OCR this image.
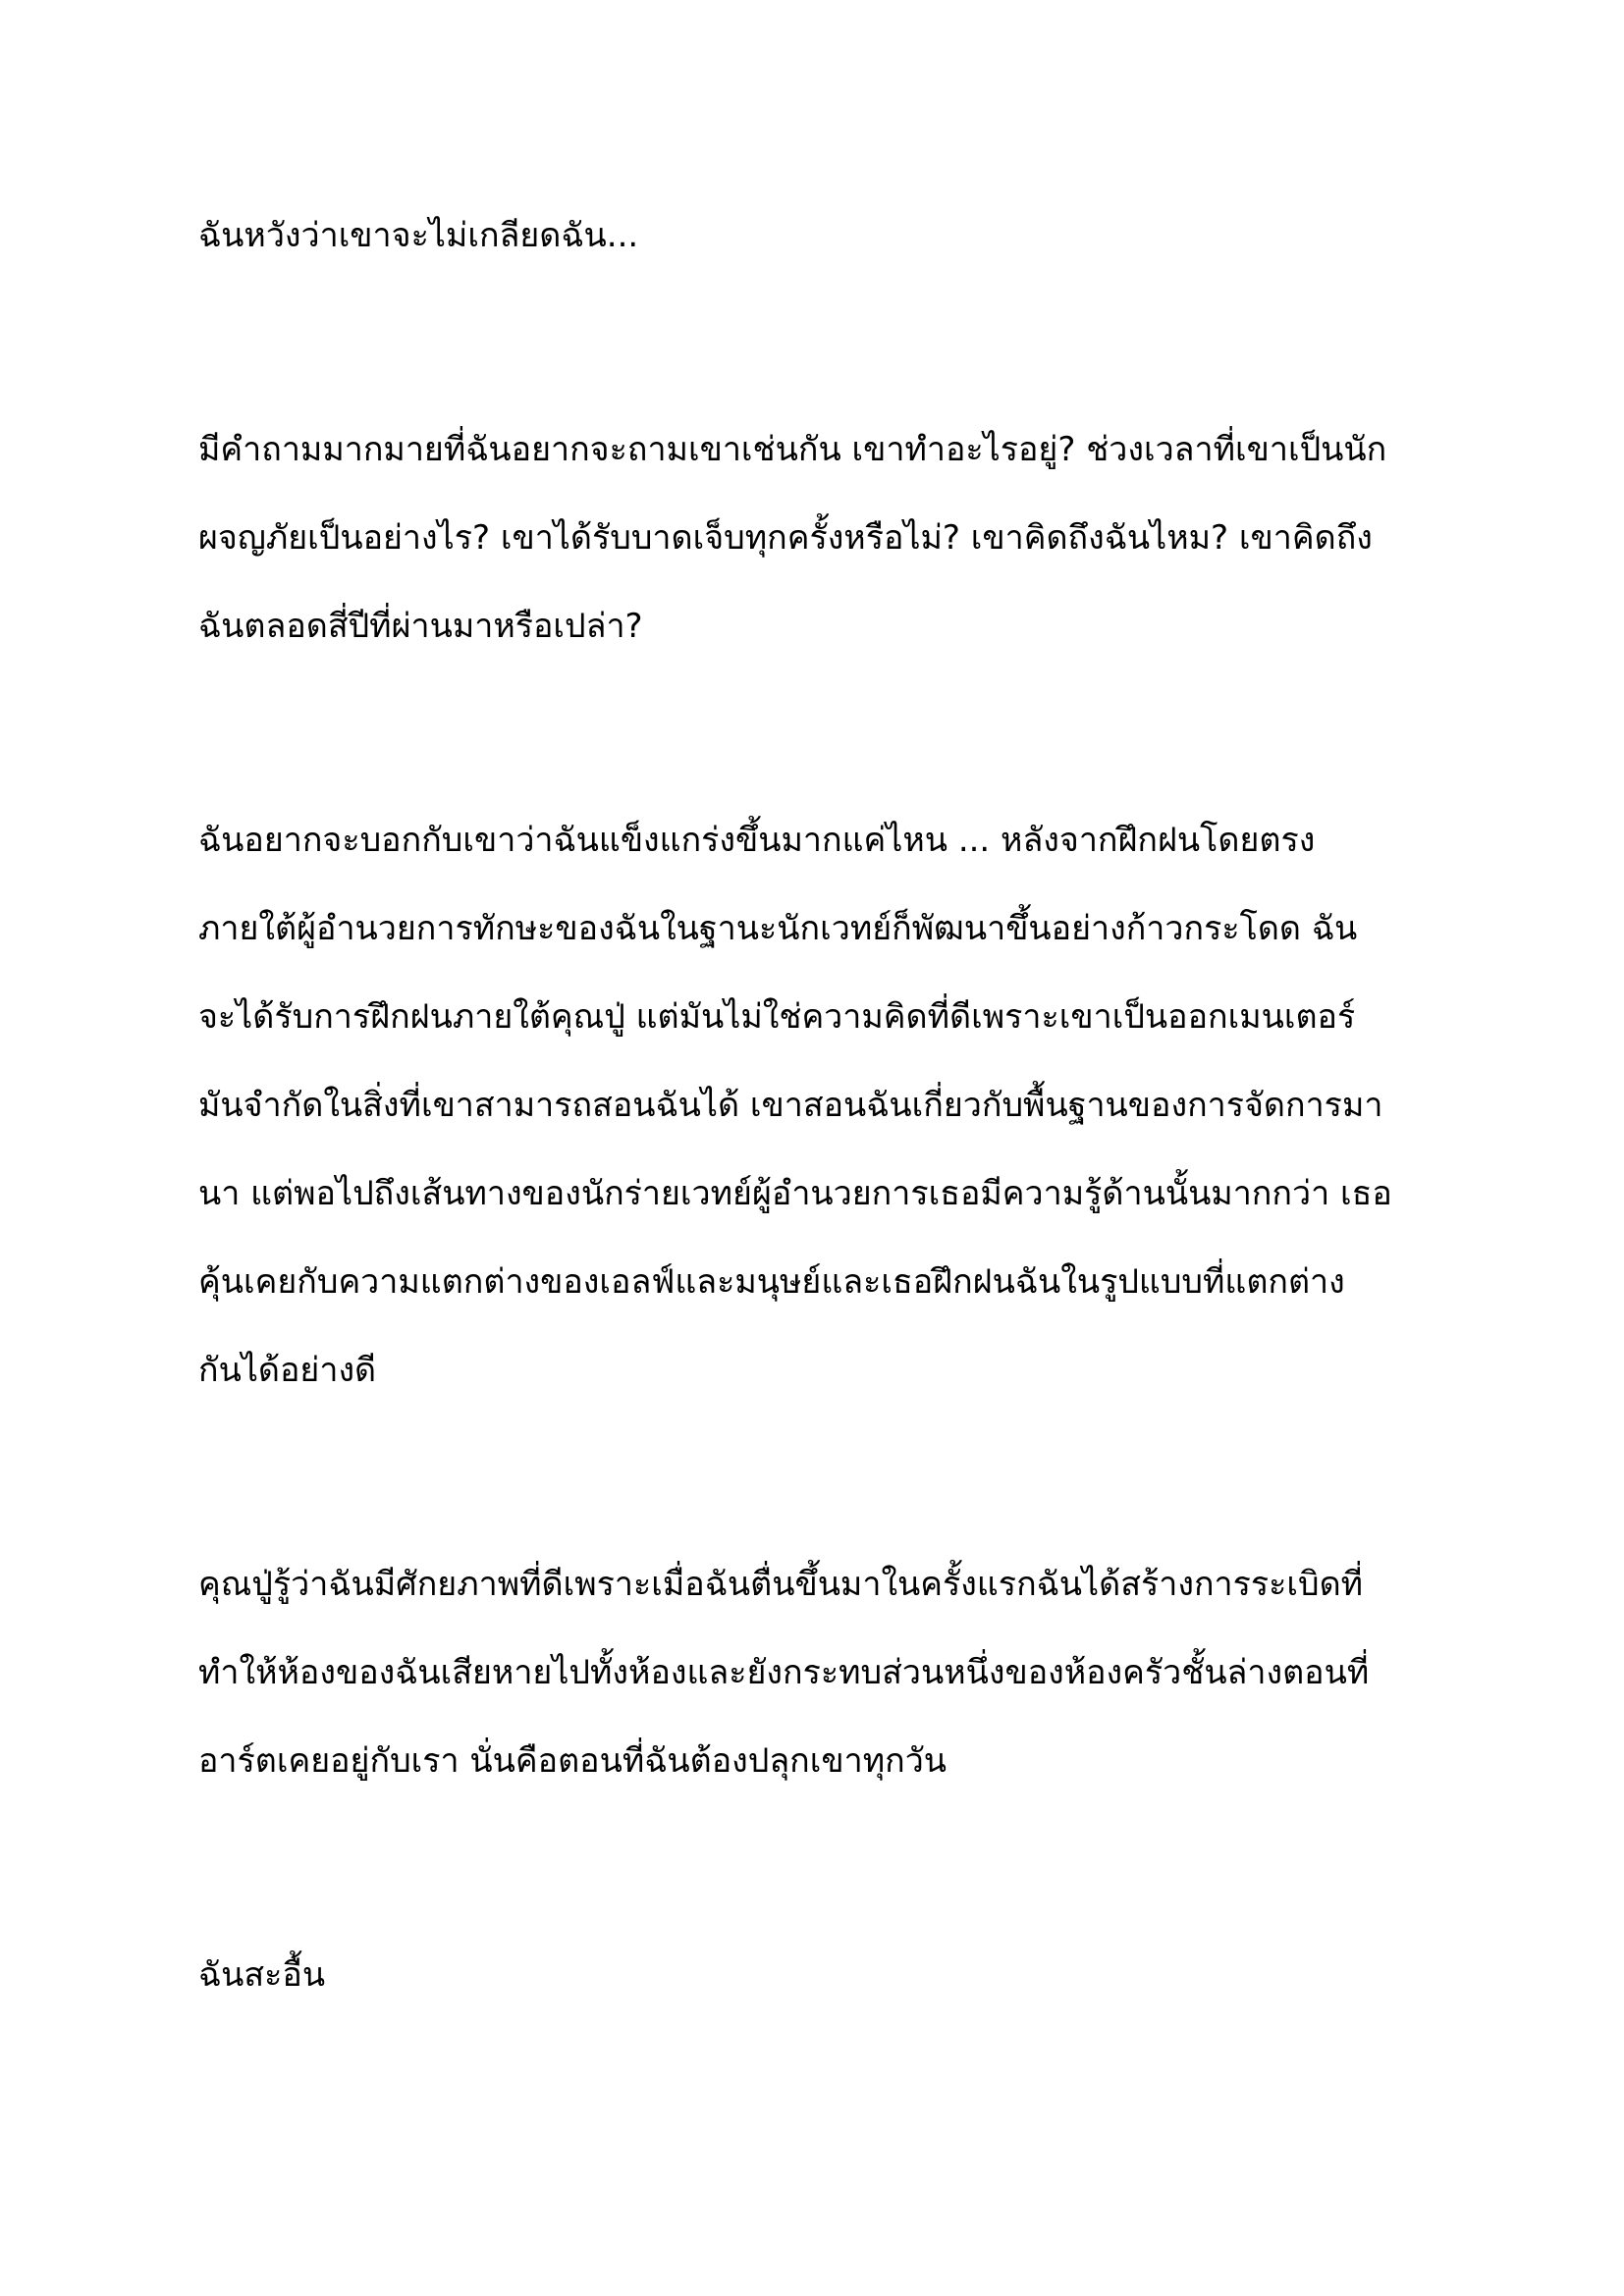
ฉันหวังว่าเขาจะไม่เกลียดฉัน...

มีคำถามมากมายที่ฉันอยากจะถามเขาเช่นกัน เขาทำอะไรอยู่? ช่วงเวลาที่เขาเป็นนัก

ผจญภัยเป็นอย่างไร? เขาได้รับบาดเจ็บทุกครั้งหรือไม่? เขาคิดถึงฉันไหม? เขาคิดถึง

ฉันตลอดสี่ปีที่ผ่านมาหรือเปล่า?

ฉันอยากจะบอกกับเขาว่าฉันแข็งแกร่งขึ้นมากแค่ไหน ... หลังจากฝึกฝนโดยตรง

ภายใต้ผู้อำนวยการทักษะของฉันในฐานะนักเวทย์ก็พัฒนาขึ้นอย่างก้าวกระโดด ฉัน

จะได้รับการฝึกฝนภายใต้คุณปู่ แต่มันไม่ใช่ความคิดที่ดีเพราะเขาเป็นออกเมนเตอร์

มันจำกัดในสิ่งที่เขาสามารถสอนฉันได้ เขาสอนฉันเกี่ยวกับพื้นฐานของการจัดการมา

นา แต่พอไปถึงเส้นทางของนักร่ายเวทย์ผู้อำนวยการเธอมีความรู้ด้านนั้นมากกว่า เธอ

คุ้นเคยกับความแตกต่างของเอลฟ์และมนุษย์และเธอฝึกฝนฉันในรูปแบบที่แตกต่าง

กันได้อย่างดี

คุณปู่รู้ว่าฉันมีศักยภาพที่ดีเพราะเมื่อฉันตื่นขึ้นมาในครั้งแรกฉันได้สร้างการระเบิดที่

ทำให้ห้องของฉันเสียหายไปทั้งห้องและยังกระทบส่วนหนึ่งของห้องครัวชั้นล่างตอนที่

อาร์ตเคยอยู่กับเรา นั่นคือตอนที่ฉันต้องปลุกเขาทุกวัน

ฉันสะอื้น
